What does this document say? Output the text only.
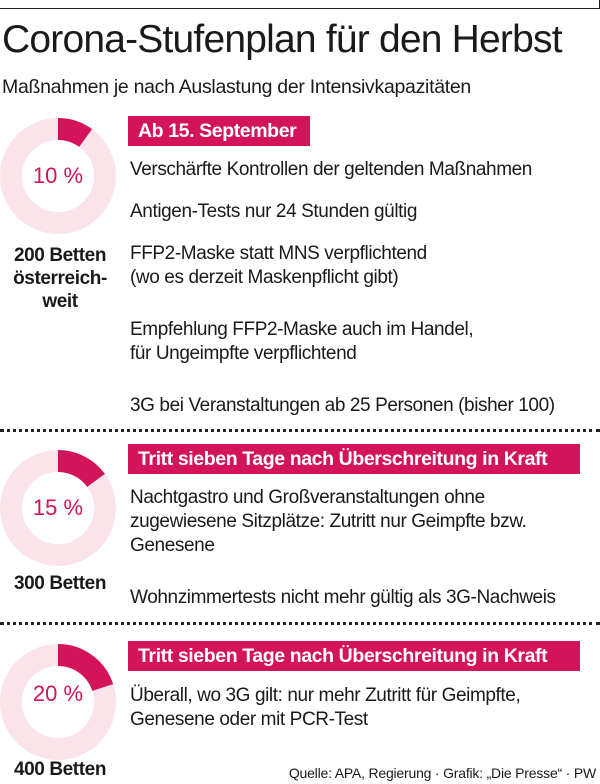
Corona-Stufenplan für den Herbst
Maßnahmen je nach Auslastung der Intensivkapazitäten
10 %
200 Betten
österreich-
weit
Ab 15. September
Verschärfte Kontrollen der geltenden Maßnahmen
Antigen-Tests nur 24 Stunden gültig
FFP2-Maske statt MNS verpflichtend
(wo es derzeit Maskenpflicht gibt)
Empfehlung FFP2-Maske auch im Handel,
für Ungeimpfte verpflichtend
3G bei Veranstaltungen ab 25 Personen (bisher 100)
15 %
300 Betten
Tritt sieben Tage nach Überschreitung in Kraft
Nachtgastro und Großveranstaltungen ohne
zugewiesene Sitzplätze: Zutritt nur Geimpfte bzw.
Genesene
Wohnzimmertests nicht mehr gültig als 3G-Nachweis
20 %
400 Betten
Tritt sieben Tage nach Überschreitung in Kraft
Überall, wo 3G gilt: nur mehr Zutritt für Geimpfte,
Genesene oder mit PCR-Test
Quelle: APA, Regierung · Grafik: „Die Presse“ · PW
